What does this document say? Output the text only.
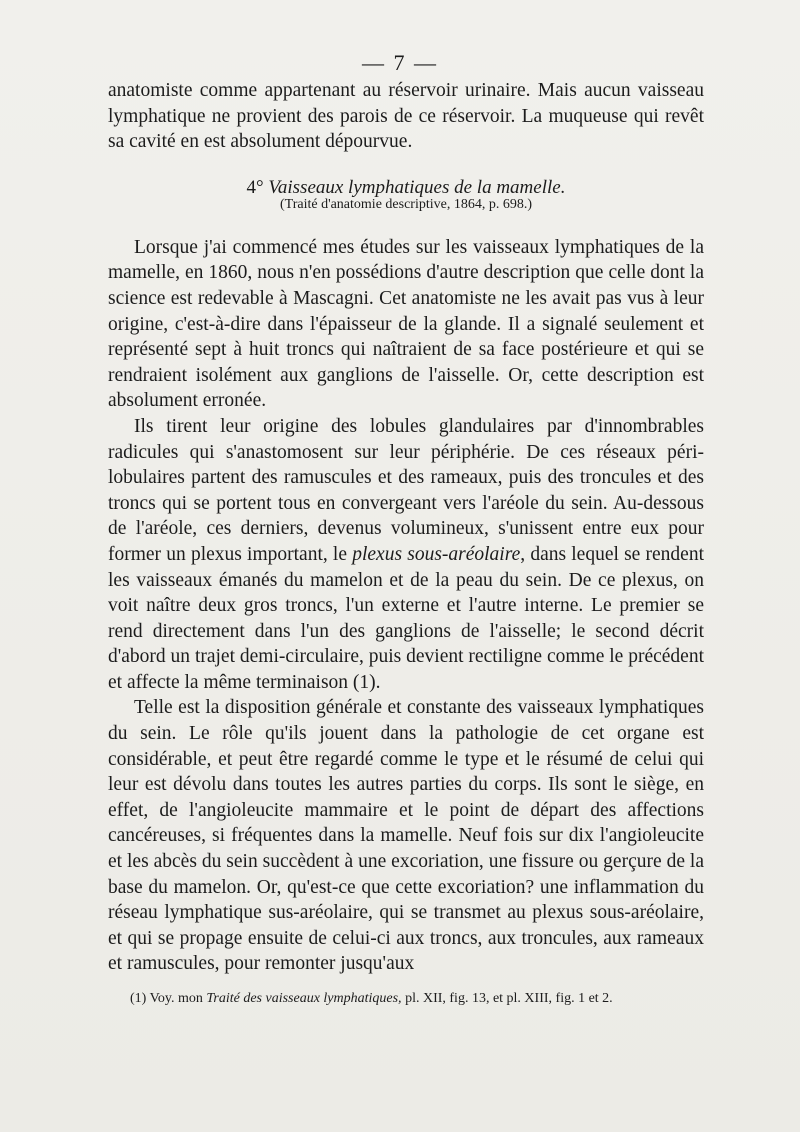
— 7 —

anatomiste comme appartenant au réservoir urinaire. Mais aucun vaisseau lymphatique ne provient des parois de ce réservoir. La muqueuse qui revêt sa cavité en est absolument dépourvue.

4° Vaisseaux lymphatiques de la mamelle.

(Traité d'anatomie descriptive, 1864, p. 698.)

Lorsque j'ai commencé mes études sur les vaisseaux lymphatiques de la mamelle, en 1860, nous n'en possédions d'autre description que celle dont la science est redevable à Mascagni. Cet anatomiste ne les avait pas vus à leur origine, c'est-à-dire dans l'épaisseur de la glande. Il a signalé seulement et représenté sept à huit troncs qui naîtraient de sa face postérieure et qui se rendraient isolément aux ganglions de l'aisselle. Or, cette description est absolument erronée.

Ils tirent leur origine des lobules glandulaires par d'innombrables radicules qui s'anastomosent sur leur périphérie. De ces réseaux péri-lobulaires partent des ramuscules et des rameaux, puis des troncules et des troncs qui se portent tous en convergeant vers l'aréole du sein. Au-dessous de l'aréole, ces derniers, devenus volumineux, s'unissent entre eux pour former un plexus important, le plexus sous-aréolaire, dans lequel se rendent les vaisseaux émanés du mamelon et de la peau du sein. De ce plexus, on voit naître deux gros troncs, l'un externe et l'autre interne. Le premier se rend directement dans l'un des ganglions de l'aisselle; le second décrit d'abord un trajet demi-circulaire, puis devient rectiligne comme le précédent et affecte la même terminaison (1).

Telle est la disposition générale et constante des vaisseaux lymphatiques du sein. Le rôle qu'ils jouent dans la pathologie de cet organe est considérable, et peut être regardé comme le type et le résumé de celui qui leur est dévolu dans toutes les autres parties du corps. Ils sont le siège, en effet, de l'angioleucite mammaire et le point de départ des affections cancéreuses, si fréquentes dans la mamelle. Neuf fois sur dix l'angioleucite et les abcès du sein succèdent à une excoriation, une fissure ou gerçure de la base du mamelon. Or, qu'est-ce que cette excoriation? une inflammation du réseau lymphatique sus-aréolaire, qui se transmet au plexus sous-aréolaire, et qui se propage ensuite de celui-ci aux troncs, aux troncules, aux rameaux et ramuscules, pour remonter jusqu'aux

(1) Voy. mon Traité des vaisseaux lymphatiques, pl. XII, fig. 13, et pl. XIII, fig. 1 et 2.
